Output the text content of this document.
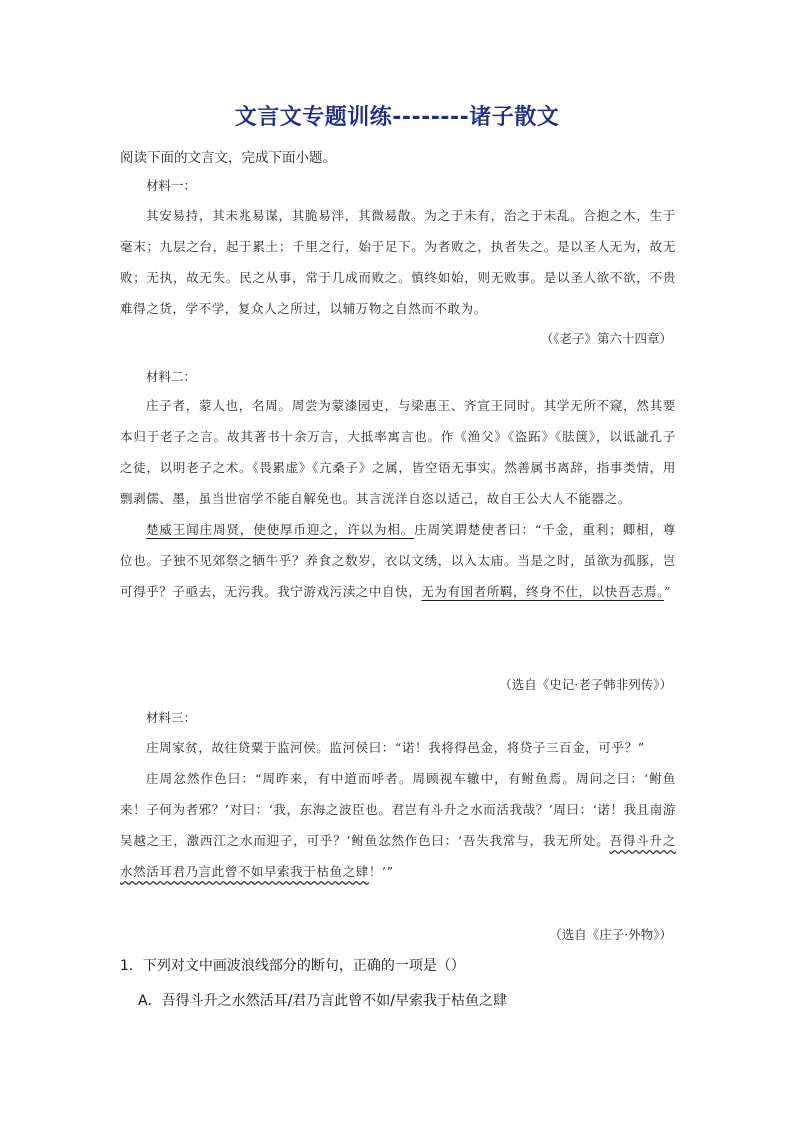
文言文专题训练--------诸子散文
阅读下面的文言文，完成下面小题。
材料一：

其安易持，其未兆易谋，其脆易泮，其微易散。为之于未有，治之于未乱。合抱之木，生于毫末；九层之台，起于累土；千里之行，始于足下。为者败之，执者失之。是以圣人无为，故无败；无执，故无失。民之从事，常于几成而败之。慎终如始，则无败事。是以圣人欲不欲，不贵难得之货，学不学，复众人之所过，以辅万物之自然而不敢为。

（《老子》第六十四章）
材料二：

庄子者，蒙人也，名周。周尝为蒙漆园吏，与梁惠王、齐宣王同时。其学无所不窥，然其要本归于老子之言。故其著书十余万言，大抵率寓言也。作《渔父》《盗跖》《胠箧》，以诋訿孔子之徒，以明老子之术。《畏累虚》《亢桑子》之属，皆空语无事实。然善属书离辞，指事类情，用剽剥儒、墨，虽当世宿学不能自解免也。其言洸洋自恣以适己，故自王公大人不能器之。

楚威王闻庄周贤，使使厚币迎之，许以为相。庄周笑谓楚使者曰：“千金，重利；卿相，尊位也。子独不见郊祭之牺牛乎？养食之数岁，衣以文绣，以入太庙。当是之时，虽欲为孤豚，岂可得乎？子亟去，无污我。我宁游戏污渎之中自快，无为有国者所羁，终身不仕，以快吾志焉。”

（选自《史记·老子韩非列传》）
材料三：

庄周家贫，故往贷粟于监河侯。监河侯曰：“诺！我将得邑金，将贷子三百金，可乎？”

庄周忿然作色曰：“周昨来，有中道而呼者。周顾视车辙中，有鲋鱼焉。周问之曰：‘鲋鱼来！子何为者邪？’对曰：‘我，东海之波臣也。君岂有斗升之水而活我哉？’周曰：‘诺！我且南游吴越之王，激西江之水而迎子，可乎？’鲋鱼忿然作色曰：‘吾失我常与，我无所处。吾得斗升之水然活耳君乃言此曾不如早索我于枯鱼之肆！’”

（选自《庄子·外物》）
1．下列对文中画波浪线部分的断句，正确的一项是（）
A．吾得斗升之水然活耳/君乃言此曾不如/早索我于枯鱼之肆
